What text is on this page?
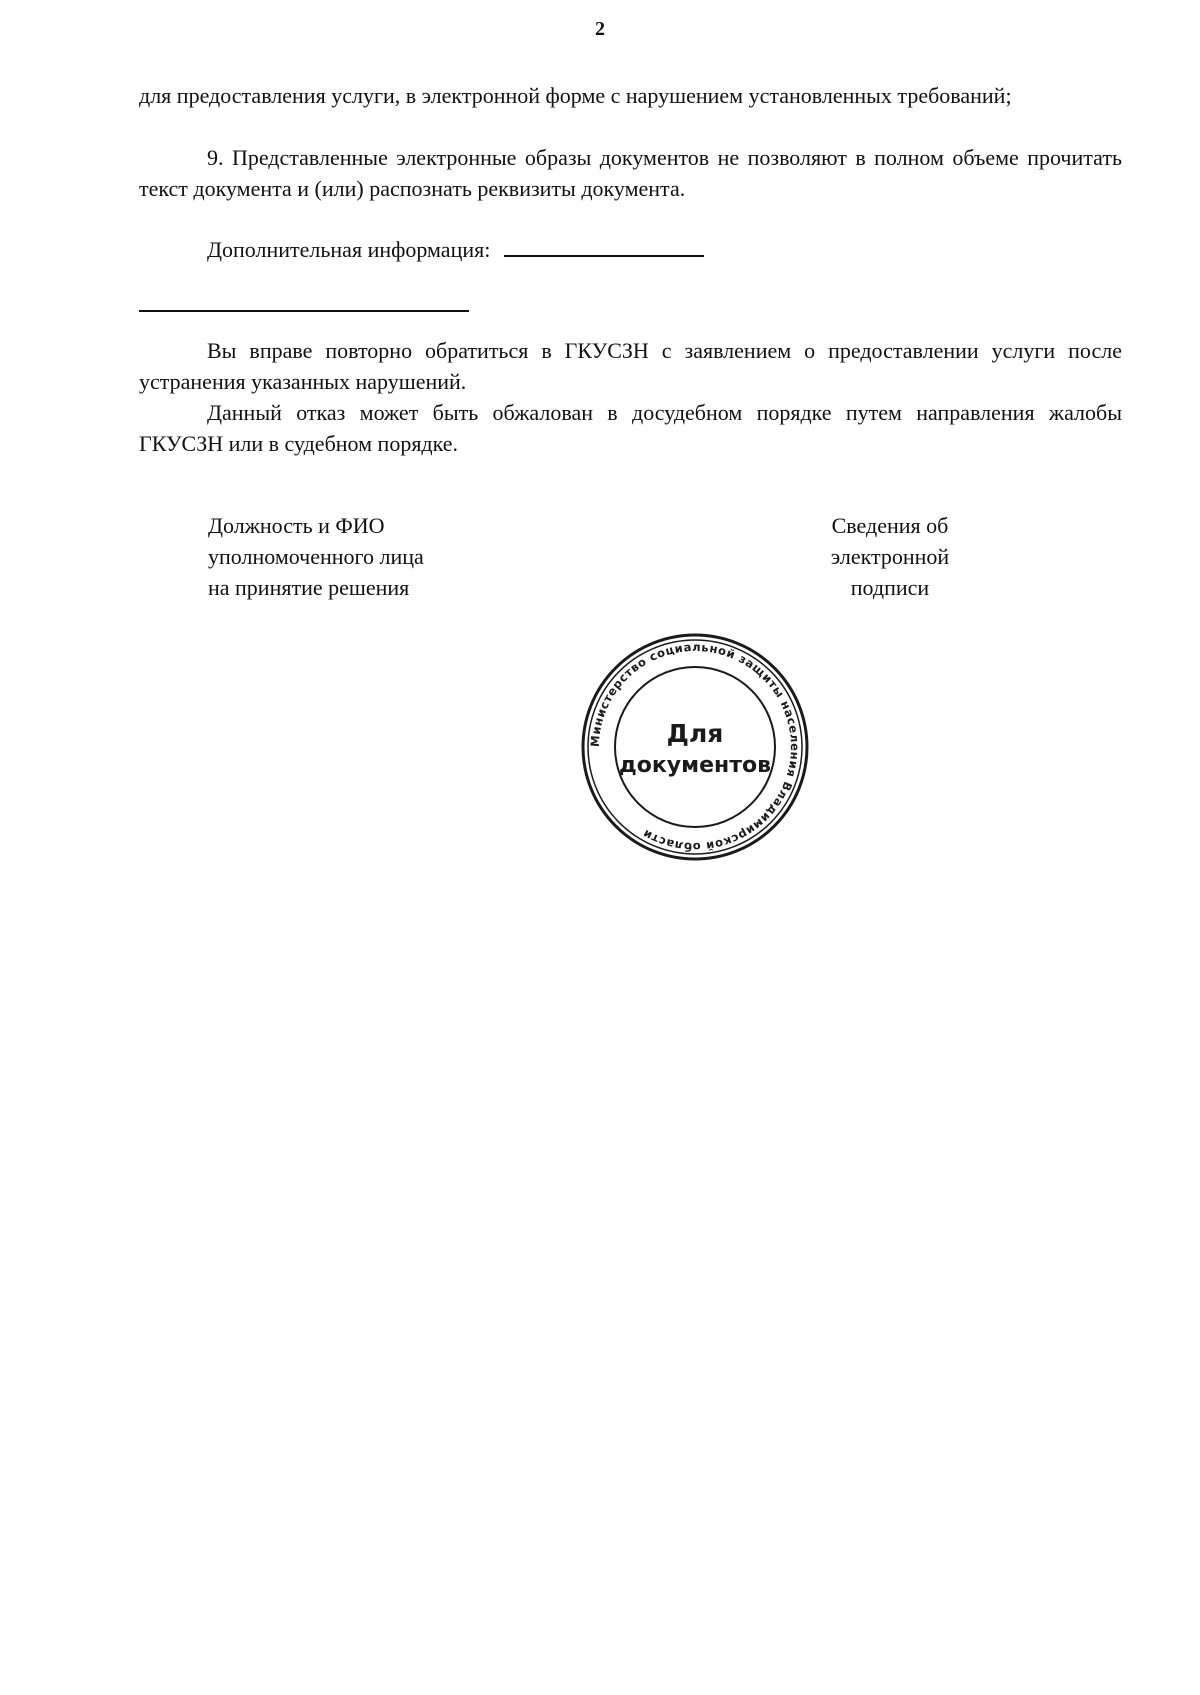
2

для предоставления услуги, в электронной форме с нарушением установленных требований;

9. Представленные электронные образы документов не позволяют в полном объеме прочитать текст документа и (или) распознать реквизиты документа.

Дополнительная информация:

Вы вправе повторно обратиться в ГКУСЗН с заявлением о предоставлении услуги после устранения указанных нарушений.

Данный отказ может быть обжалован в досудебном порядке путем направления жалобы ГКУСЗН или в судебном порядке.

Должность и ФИО
уполномоченного лица
на принятие решения
Сведения об
электронной
подписи
Министерство социальной защиты населения Владимирской области
Для
документов
